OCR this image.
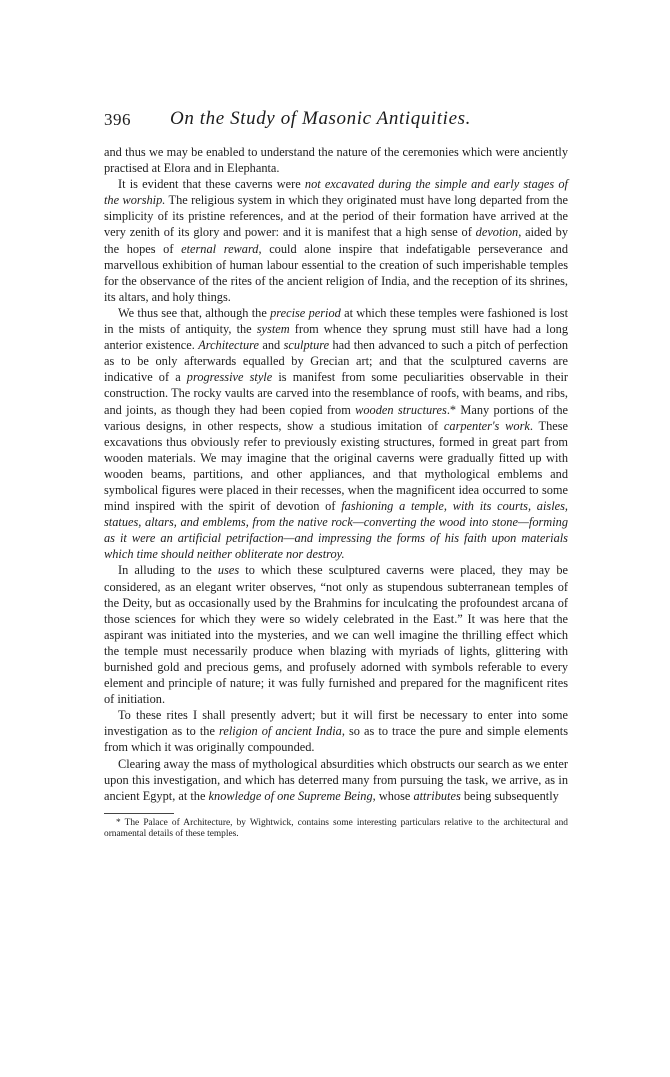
396 On the Study of Masonic Antiquities.

and thus we may be enabled to understand the nature of the ceremonies which were anciently practised at Elora and in Elephanta.

It is evident that these caverns were not excavated during the simple and early stages of the worship. The religious system in which they originated must have long departed from the simplicity of its pristine references, and at the period of their formation have arrived at the very zenith of its glory and power: and it is manifest that a high sense of devotion, aided by the hopes of eternal reward, could alone inspire that indefatigable perseverance and marvellous exhibition of human labour essential to the creation of such imperishable temples for the observance of the rites of the ancient religion of India, and the reception of its shrines, its altars, and holy things.

We thus see that, although the precise period at which these temples were fashioned is lost in the mists of antiquity, the system from whence they sprung must still have had a long anterior existence. Architecture and sculpture had then advanced to such a pitch of perfection as to be only afterwards equalled by Grecian art; and that the sculptured caverns are indicative of a progressive style is manifest from some peculiarities observable in their construction. The rocky vaults are carved into the resemblance of roofs, with beams, and ribs, and joints, as though they had been copied from wooden structures.* Many portions of the various designs, in other respects, show a studious imitation of carpenter's work. These excavations thus obviously refer to previously existing structures, formed in great part from wooden materials. We may imagine that the original caverns were gradually fitted up with wooden beams, partitions, and other appliances, and that mythological emblems and symbolical figures were placed in their recesses, when the magnificent idea occurred to some mind inspired with the spirit of devotion of fashioning a temple, with its courts, aisles, statues, altars, and emblems, from the native rock—converting the wood into stone—forming as it were an artificial petrifaction—and impressing the forms of his faith upon materials which time should neither obliterate nor destroy.

In alluding to the uses to which these sculptured caverns were placed, they may be considered, as an elegant writer observes, “not only as stupendous subterranean temples of the Deity, but as occasionally used by the Brahmins for inculcating the profoundest arcana of those sciences for which they were so widely celebrated in the East.” It was here that the aspirant was initiated into the mysteries, and we can well imagine the thrilling effect which the temple must necessarily produce when blazing with myriads of lights, glittering with burnished gold and precious gems, and profusely adorned with symbols referable to every element and principle of nature; it was fully furnished and prepared for the magnificent rites of initiation.

To these rites I shall presently advert; but it will first be necessary to enter into some investigation as to the religion of ancient India, so as to trace the pure and simple elements from which it was originally compounded.

Clearing away the mass of mythological absurdities which obstructs our search as we enter upon this investigation, and which has deterred many from pursuing the task, we arrive, as in ancient Egypt, at the knowledge of one Supreme Being, whose attributes being subsequently

* The Palace of Architecture, by Wightwick, contains some interesting particulars relative to the architectural and ornamental details of these temples.
